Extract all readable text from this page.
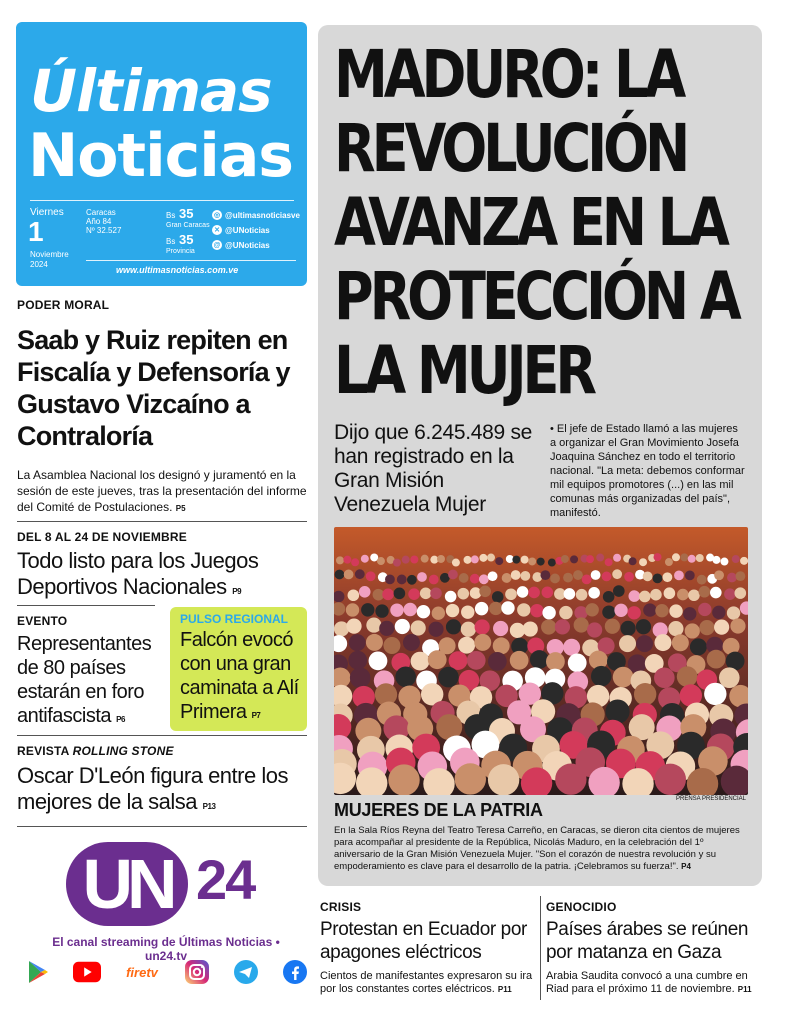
Últimas
Noticias
Viernes
1
Noviembre
2024
Caracas
Año 84
Nº 32.527
Bs 35
Gran Caracas
Bs 35
Provincia
◎ @ultimasnoticiasve
✕ @UNoticias
@ @UNoticias
www.ultimasnoticias.com.ve
PODER MORAL
Saab y Ruiz repiten en Fiscalía y Defensoría y Gustavo Vizcaíno a Contraloría
La Asamblea Nacional los designó y juramentó en la sesión de este jueves, tras la presentación del informe del Comité de Postulaciones. P5
DEL 8 AL 24 DE NOVIEMBRE
Todo listo para los Juegos Deportivos Nacionales P9
EVENTO
Representantes de 80 países estarán en foro antifascista P6
PULSO REGIONAL
Falcón evocó con una gran caminata a Alí Primera P7
REVISTA ROLLING STONE
Oscar D'León figura entre los mejores de la salsa P13
UN 24
El canal streaming de Últimas Noticias • un24.tv
firetv
MADURO: LA REVOLUCIÓN AVANZA EN LA PROTECCIÓN A LA MUJER
Dijo que 6.245.489 se han registrado en la Gran Misión Venezuela Mujer
• El jefe de Estado llamó a las mujeres a organizar el Gran Movimiento Josefa Joaquina Sánchez en todo el territorio nacional. "La meta: debemos conformar mil equipos promotores (...) en las mil comunas más organizadas del país", manifestó.
PRENSA PRESIDENCIAL
MUJERES DE LA PATRIA
En la Sala Ríos Reyna del Teatro Teresa Carreño, en Caracas, se dieron cita cientos de mujeres para acompañar al presidente de la República, Nicolás Maduro, en la celebración del 1º aniversario de la Gran Misión Venezuela Mujer. "Son el corazón de nuestra revolución y su empoderamiento es clave para el desarrollo de la patria. ¡Celebramos su fuerza!". P4
CRISIS
Protestan en Ecuador por apagones eléctricos
Cientos de manifestantes expresaron su ira por los constantes cortes eléctricos. P11
GENOCIDIO
Países árabes se reúnen por matanza en Gaza
Arabia Saudita convocó a una cumbre en Riad para el próximo 11 de noviembre. P11
